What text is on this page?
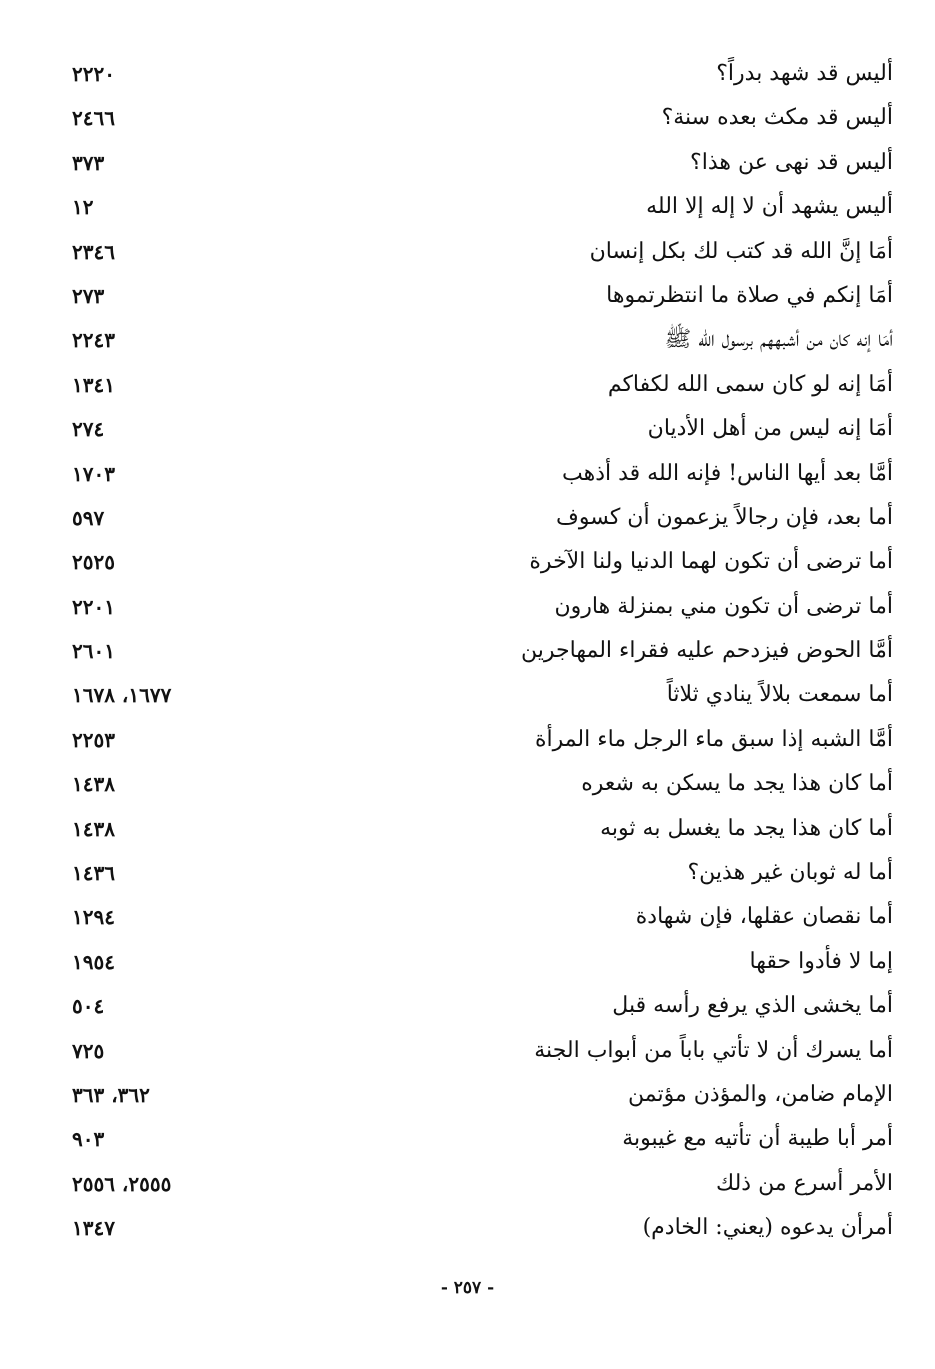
أليس قد شهد بدراً؟
٢٢٢٠
أليس قد مكث بعده سنة؟
٢٤٦٦
أليس قد نهى عن هذا؟
٣٧٣
أليس يشهد أن لا إله إلا الله
١٢
أمَا إنَّ الله قد كتب لك بكل إنسان
٢٣٤٦
أمَا إنكم في صلاة ما انتظرتموها
٢٧٣
أمَا إنه كان من أشبههم برسول الله ﷺ
٢٢٤٣
أمَا إنه لو كان سمى الله لكفاكم
١٣٤١
أمَا إنه ليس من أهل الأديان
٢٧٤
أمَّا بعد أيها الناس! فإنه الله قد أذهب
١٧٠٣
أما بعد، فإن رجالاً يزعمون أن كسوف
٥٩٧
أما ترضى أن تكون لهما الدنيا ولنا الآخرة
٢٥٢٥
أما ترضى أن تكون مني بمنزلة هارون
٢٢٠١
أمَّا الحوض فيزدحم عليه فقراء المهاجرين
٢٦٠١
أما سمعت بلالاً ينادي ثلاثاً
١٦٧٧، ١٦٧٨
أمَّا الشبه إذا سبق ماء الرجل ماء المرأة
٢٢٥٣
أما كان هذا يجد ما يسكن به شعره
١٤٣٨
أما كان هذا يجد ما يغسل به ثوبه
١٤٣٨
أما له ثوبان غير هذين؟
١٤٣٦
أما نقصان عقلها، فإن شهادة
١٢٩٤
إما لا فأدوا حقها
١٩٥٤
أما يخشى الذي يرفع رأسه قبل
٥٠٤
أما يسرك أن لا تأتي باباً من أبواب الجنة
٧٢٥
الإمام ضامن، والمؤذن مؤتمن
٣٦٢، ٣٦٣
أمر أبا طيبة أن تأتيه مع غيبوبة
٩٠٣
الأمر أسرع من ذلك
٢٥٥٥، ٢٥٥٦
أمرأن يدعوه (يعني: الخادم)
١٣٤٧
- ٢٥٧ -
